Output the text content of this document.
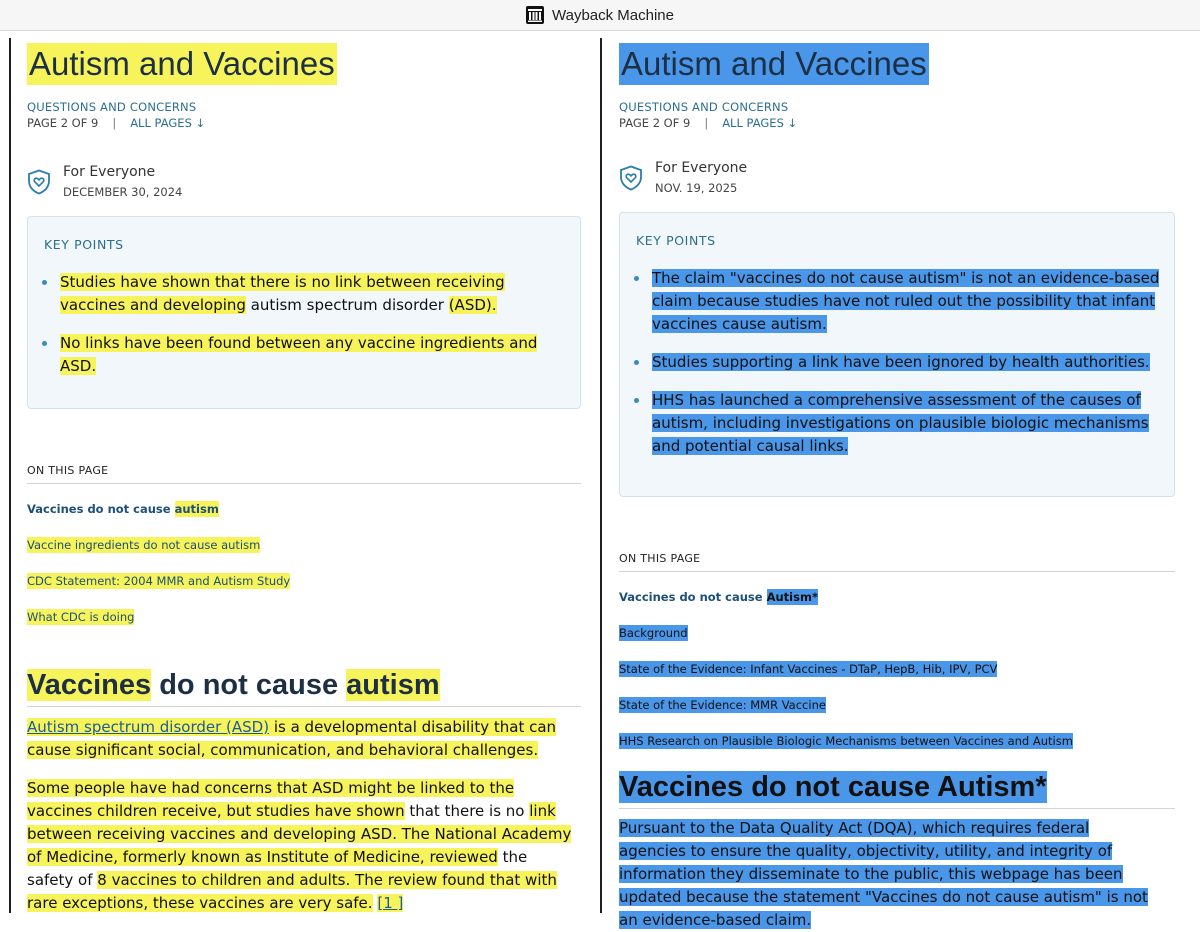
Wayback Machine
Autism and Vaccines
QUESTIONS AND CONCERNS
PAGE 2 OF 9 | ALL PAGES ↓
For Everyone
DECEMBER 30, 2024
KEY POINTS
Studies have shown that there is no link between receiving vaccines and developing autism spectrum disorder (ASD).
No links have been found between any vaccine ingredients and ASD.
ON THIS PAGE
Vaccines do not cause autism
Vaccine ingredients do not cause autism
CDC Statement: 2004 MMR and Autism Study
What CDC is doing
Vaccines do not cause autism

Autism spectrum disorder (ASD) is a developmental disability that can cause significant social, communication, and behavioral challenges.

Some people have had concerns that ASD might be linked to the vaccines children receive, but studies have shown that there is no link between receiving vaccines and developing ASD. The National Academy of Medicine, formerly known as Institute of Medicine, reviewed the safety of 8 vaccines to children and adults. The review found that with rare exceptions, these vaccines are very safe. [1 ]

Autism and Vaccines
QUESTIONS AND CONCERNS
PAGE 2 OF 9 | ALL PAGES ↓
For Everyone
NOV. 19, 2025
KEY POINTS
The claim "vaccines do not cause autism" is not an evidence-based claim because studies have not ruled out the possibility that infant vaccines cause autism.
Studies supporting a link have been ignored by health authorities.
HHS has launched a comprehensive assessment of the causes of autism, including investigations on plausible biologic mechanisms and potential causal links.
ON THIS PAGE
Vaccines do not cause Autism*
Background
State of the Evidence: Infant Vaccines - DTaP, HepB, Hib, IPV, PCV
State of the Evidence: MMR Vaccine
HHS Research on Plausible Biologic Mechanisms between Vaccines and Autism
Vaccines do not cause Autism*

Pursuant to the Data Quality Act (DQA), which requires federal agencies to ensure the quality, objectivity, utility, and integrity of information they disseminate to the public, this webpage has been updated because the statement "Vaccines do not cause autism" is not an evidence-based claim.
